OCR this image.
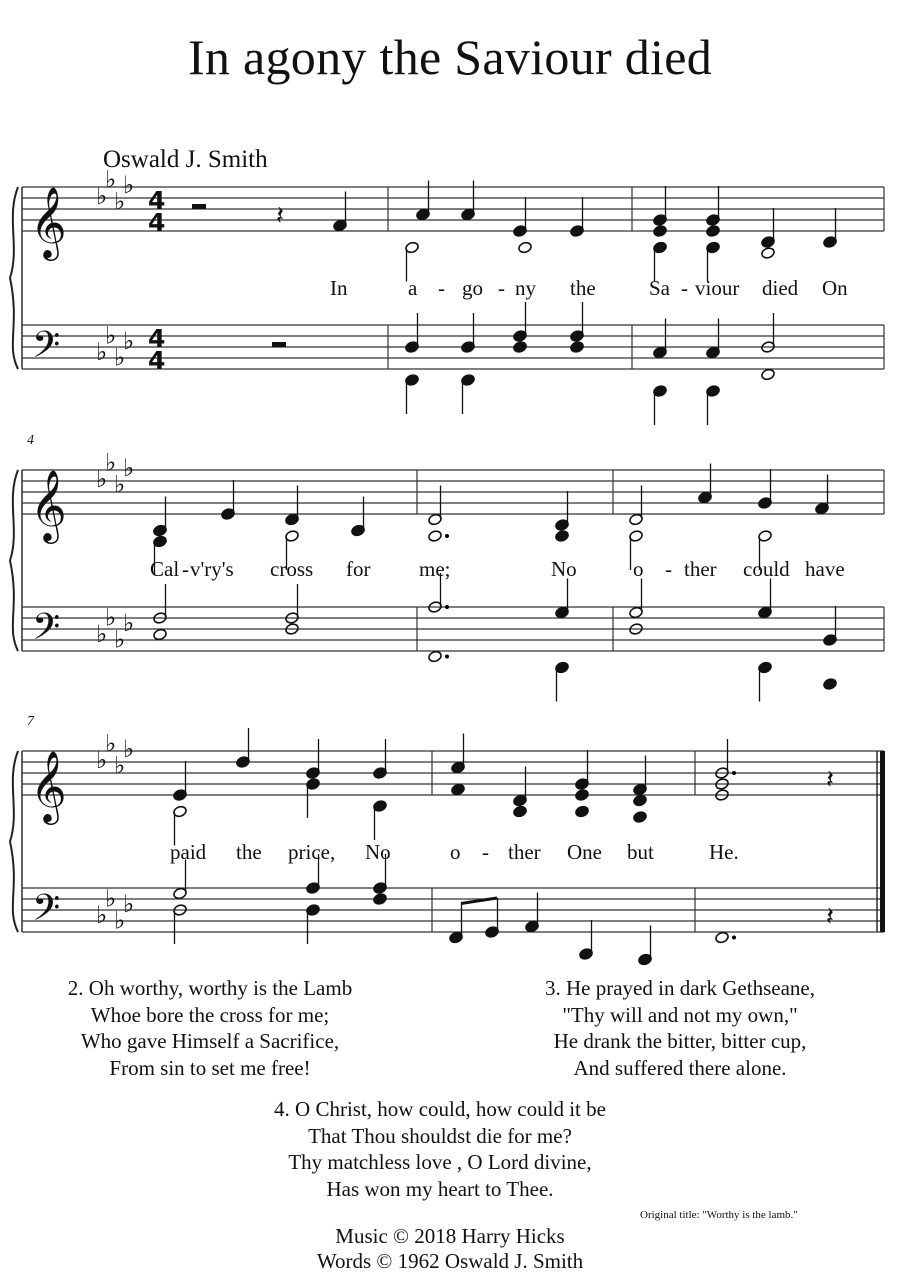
In agony the Saviour died
Oswald J. Smith
𝄞
𝄢
♭
♭
♭
♭
♭
♭
♭
♭
4
4
4
4
𝄞
𝄢
♭
♭
♭
♭
♭
♭
♭
♭
𝄞
𝄢
♭
♭
♭
♭
♭
♭
♭
♭
𝄽
𝄽
𝄽
4
7
In	a - go - ny the	Sa - viour died On
Cal - v'ry's cross for me;	No	o - ther could have
paid the price, No	o - ther One but	He.
2. Oh worthy, worthy is the Lamb
Whoe bore the cross for me;
Who gave Himself a Sacrifice,
From sin to set me free!
3. He prayed in dark Gethseane,
"Thy will and not my own,"
He drank the bitter, bitter cup,
And suffered there alone.
4. O Christ, how could, how could it be
That Thou shouldst die for me?
Thy matchless love , O Lord divine,
Has won my heart to Thee.
Original title: "Worthy is the lamb."
Music © 2018 Harry Hicks
Words © 1962 Oswald J. Smith
